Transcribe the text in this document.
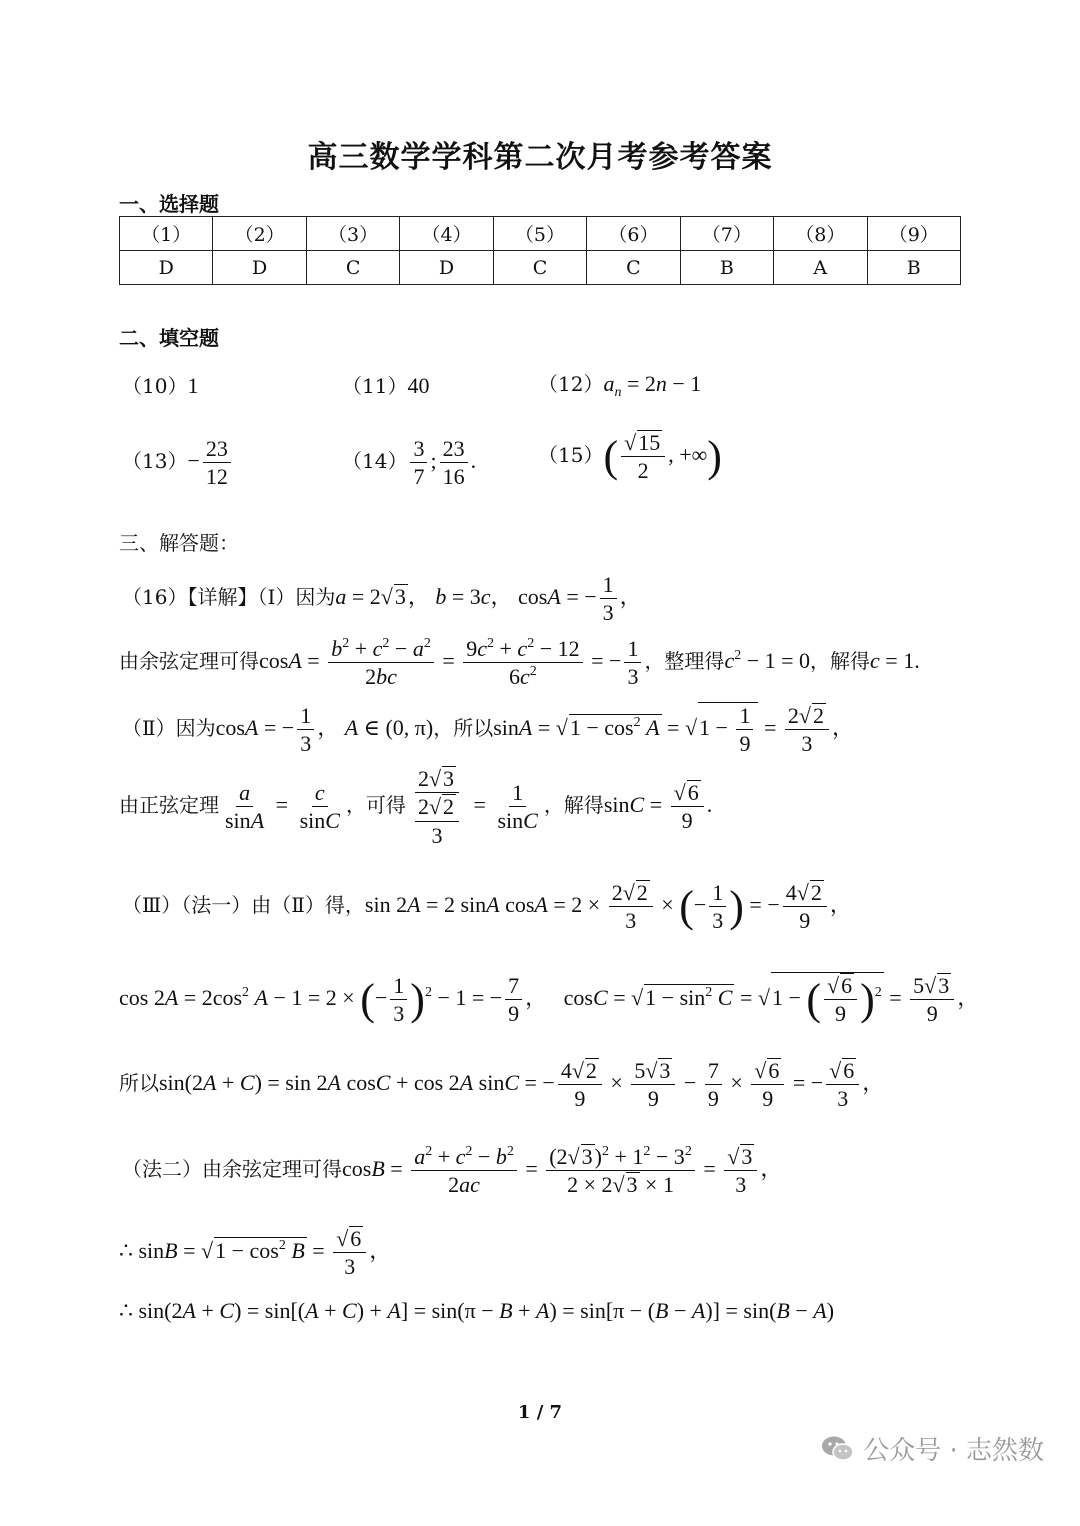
高三数学学科第二次月考参考答案
一、选择题
（1）	（2）	（3）	（4）	（5）	（6）	（7）	（8）	（9）
D	D	C	D	C	C	B	A	B
二、填空题
（10）1	（11）40	$(12)a_n = 2n - 1$
$(13)- \frac{23}{12}$	$(14) \frac{3}{7}$ ; $\frac{23}{16}$ .	$(15)( \frac{√15}{2}$ , +∞)
三、解答题：
（16）【详解】（Ⅰ）因为a = 2√3， b = 3c， cosA = − $\frac{1}{3}$ ，
由余弦定理可得$\cos A = \frac{b^2 + c^2 - a^2}{2bc} = \frac{9c^2 + c^2 - 12}{6c^2}$ = − $\frac{1}{3}$ ，整理得$c^2 - 1 = 0$，解得c = 1.
（Ⅱ）因为cosA = − $\frac{1}{3}$ ， A ∈ (0, π)，所以$\sin A = √1 - \cos^2 A = √1 - \frac{1}{9} = \frac{2√2}{3}$ ，
由正弦定理 $\frac{a}{\sin A} = \frac{c}{\sin C}$ ，可得 $\frac{2√3}{\frac{2√2}{3}} = \frac{1}{\sin C}$ ，解得$\sin C = \frac{√6}{9}$ .
（Ⅲ）（法一）由（Ⅱ）得，sin 2A = 2 sinA $\cos A = 2 \times \frac{2√2}{3}$ × (− $\frac{1}{3}$ ) = − $\frac{4√2}{9}$ ，
$\cos 2A = 2\cos^2$ A − 1 = 2 × (− $\frac{1}{3} )^2 - 1$ = − $\frac{7}{9}$ ，   $\cos C = √1 - \sin^2 C = √1$ − ( $\frac{√6}{9} )^2 = \frac{5√3}{9}$ ，
所以sin(2A + C) = sin 2A cosC + cos 2A sinC = − $\frac{4√2}{9} \times \frac{5√3}{9} - \frac{7}{9} \times \frac{√6}{9}$ = − $\frac{√6}{3}$ ，
（法二）由余弦定理可得$\cos B = \frac{a^2 + c^2 - b^2}{2ac} = \frac{(2√3)^2 + 1^2 - 3^2}{2 \times 2√3 \times 1} = \frac{√3}{3}$ ，
∴ $\sin B = √1 - \cos^2 B = \frac{√6}{3}$ ，
∴ sin(2A + C) = sin[(A + C) + A] = sin(π − B + A) = sin[π − (B − A)] = sin(B − A)
1 / 7
公众号 · 志然数
